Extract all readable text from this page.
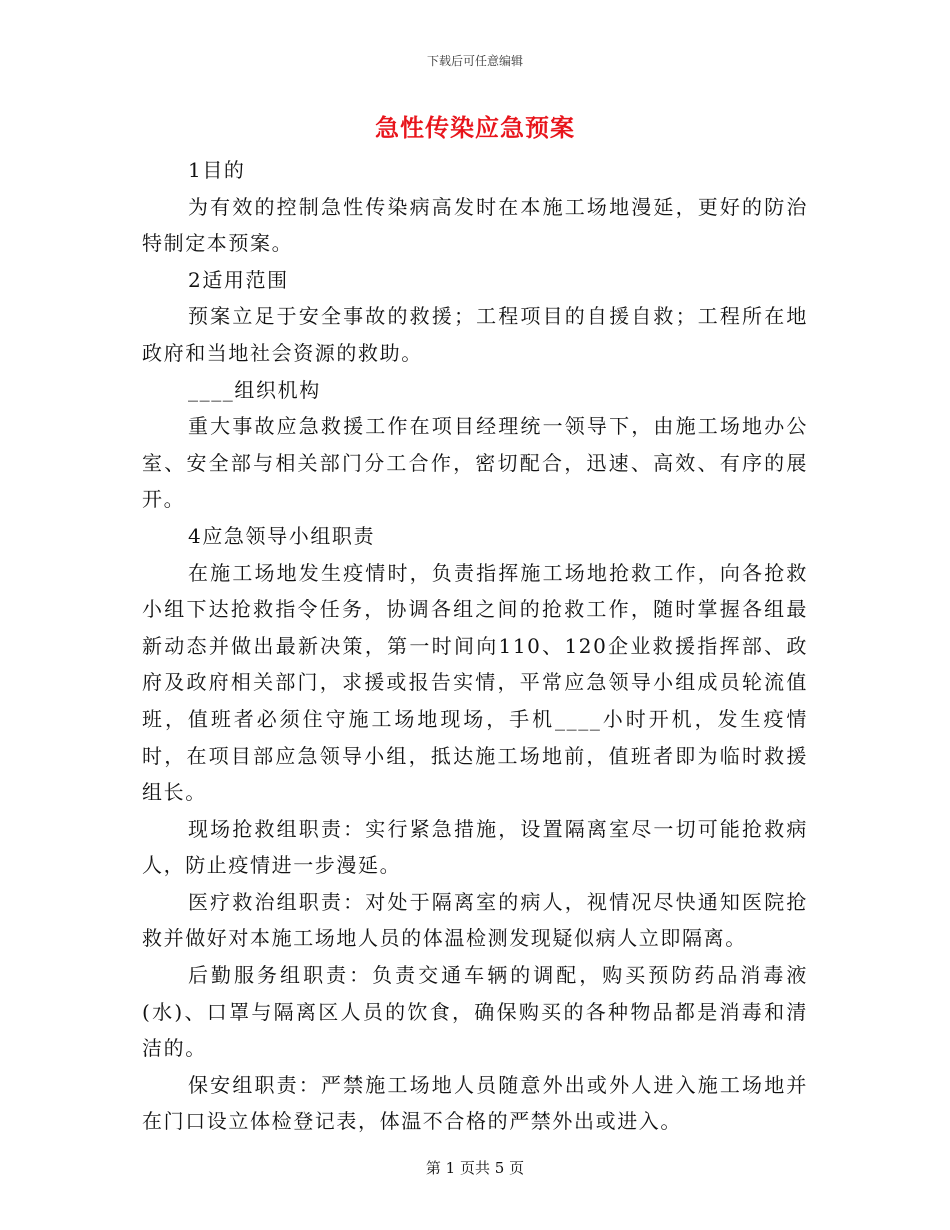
下载后可任意编辑
急性传染应急预案

1目的

为有效的控制急性传染病高发时在本施工场地漫延，更好的防治特制定本预案。

2适用范围

预案立足于安全事故的救援；工程项目的自援自救；工程所在地政府和当地社会资源的救助。

____组织机构

重大事故应急救援工作在项目经理统一领导下，由施工场地办公室、安全部与相关部门分工合作，密切配合，迅速、高效、有序的展开。

4应急领导小组职责

在施工场地发生疫情时，负责指挥施工场地抢救工作，向各抢救小组下达抢救指令任务，协调各组之间的抢救工作，随时掌握各组最新动态并做出最新决策，第一时间向110、120企业救援指挥部、政府及政府相关部门，求援或报告实情，平常应急领导小组成员轮流值班，值班者必须住守施工场地现场，手机____小时开机，发生疫情时，在项目部应急领导小组，抵达施工场地前，值班者即为临时救援组长。

现场抢救组职责：实行紧急措施，设置隔离室尽一切可能抢救病人，防止疫情进一步漫延。

医疗救治组职责：对处于隔离室的病人，视情况尽快通知医院抢救并做好对本施工场地人员的体温检测发现疑似病人立即隔离。

后勤服务组职责：负责交通车辆的调配，购买预防药品消毒液(水)、口罩与隔离区人员的饮食，确保购买的各种物品都是消毒和清洁的。

保安组职责：严禁施工场地人员随意外出或外人进入施工场地并在门口设立体检登记表，体温不合格的严禁外出或进入。

第 1 页共 5 页
